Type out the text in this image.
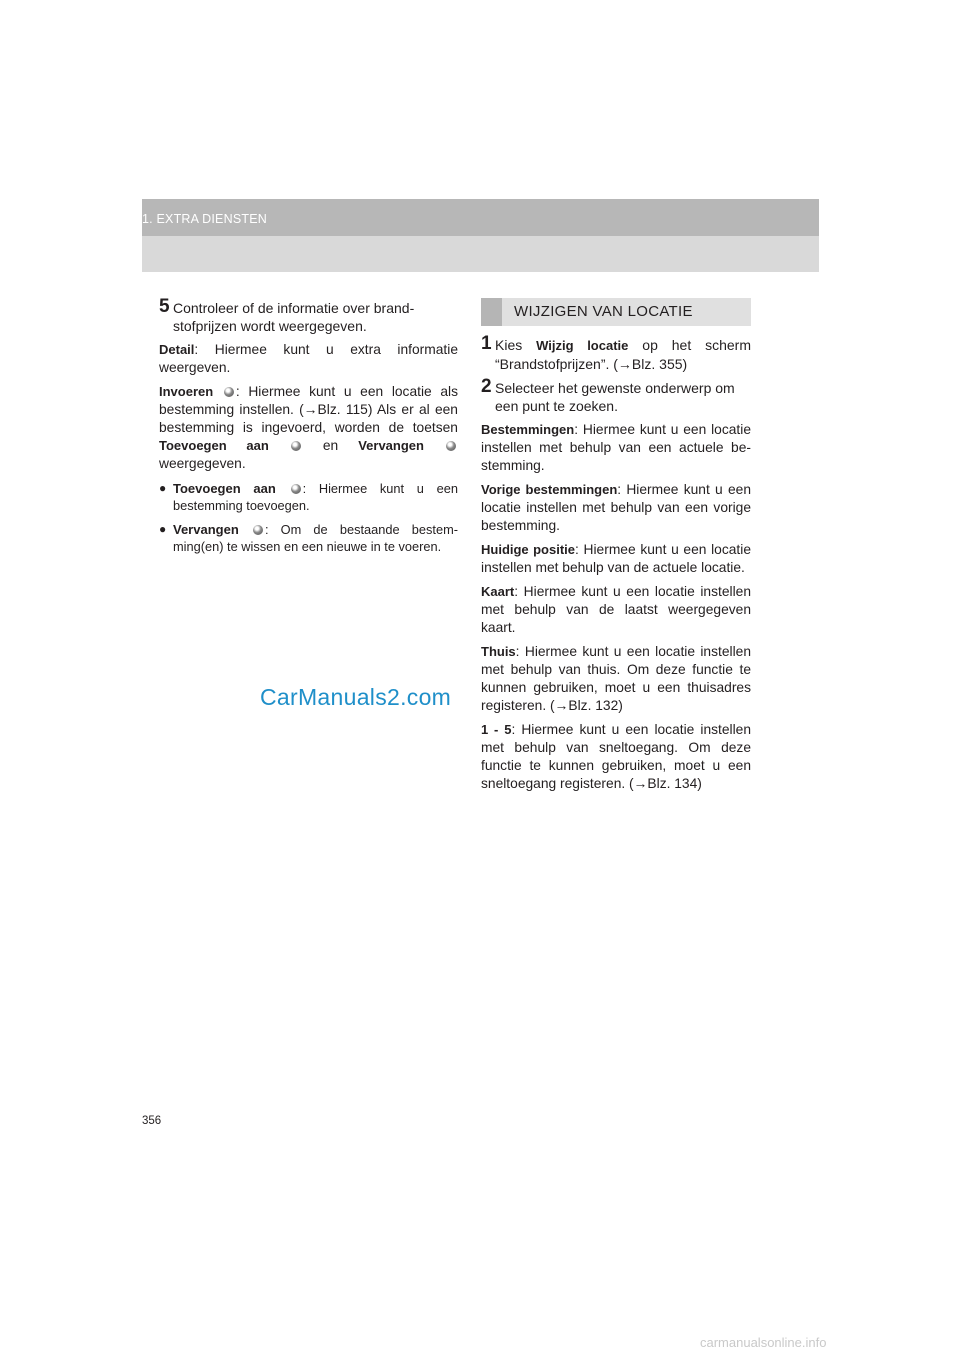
1. EXTRA DIENSTEN
5 Controleer of de informatie over brand-stofprijzen wordt weergegeven.

Detail: Hiermee kunt u extra informatie weergeven.

Invoeren : Hiermee kunt u een locatie als bestemming instellen. (→Blz. 115) Als er al een bestemming is ingevoerd, worden de toetsen Toevoegen aan	en Vervangen  weergegeven.

● Toevoegen aan : Hiermee kunt u een bestemming toevoegen.
● Vervangen : Om de bestaande bestem-ming(en) te wissen en een nieuwe in te voeren.
WIJZIGEN VAN LOCATIE
1 Kies Wijzig locatie op het scherm “Brandstofprijzen”. (→Blz. 355)
2 Selecteer het gewenste onderwerp om een punt te zoeken.

Bestemmingen: Hiermee kunt u een locatie instellen met behulp van een actuele be-stemming.

Vorige bestemmingen: Hiermee kunt u een locatie instellen met behulp van een vorige bestemming.

Huidige positie: Hiermee kunt u een locatie instellen met behulp van de actuele locatie.

Kaart: Hiermee kunt u een locatie instellen met behulp van de laatst weergegeven kaart.

Thuis: Hiermee kunt u een locatie instellen met behulp van thuis. Om deze functie te kunnen gebruiken, moet u een thuisadres registeren. (→Blz. 132)

1 - 5: Hiermee kunt u een locatie instellen met behulp van sneltoegang. Om deze functie te kunnen gebruiken, moet u een sneltoegang registeren. (→Blz. 134)

CarManuals2.com
356
carmanualsonline.info
